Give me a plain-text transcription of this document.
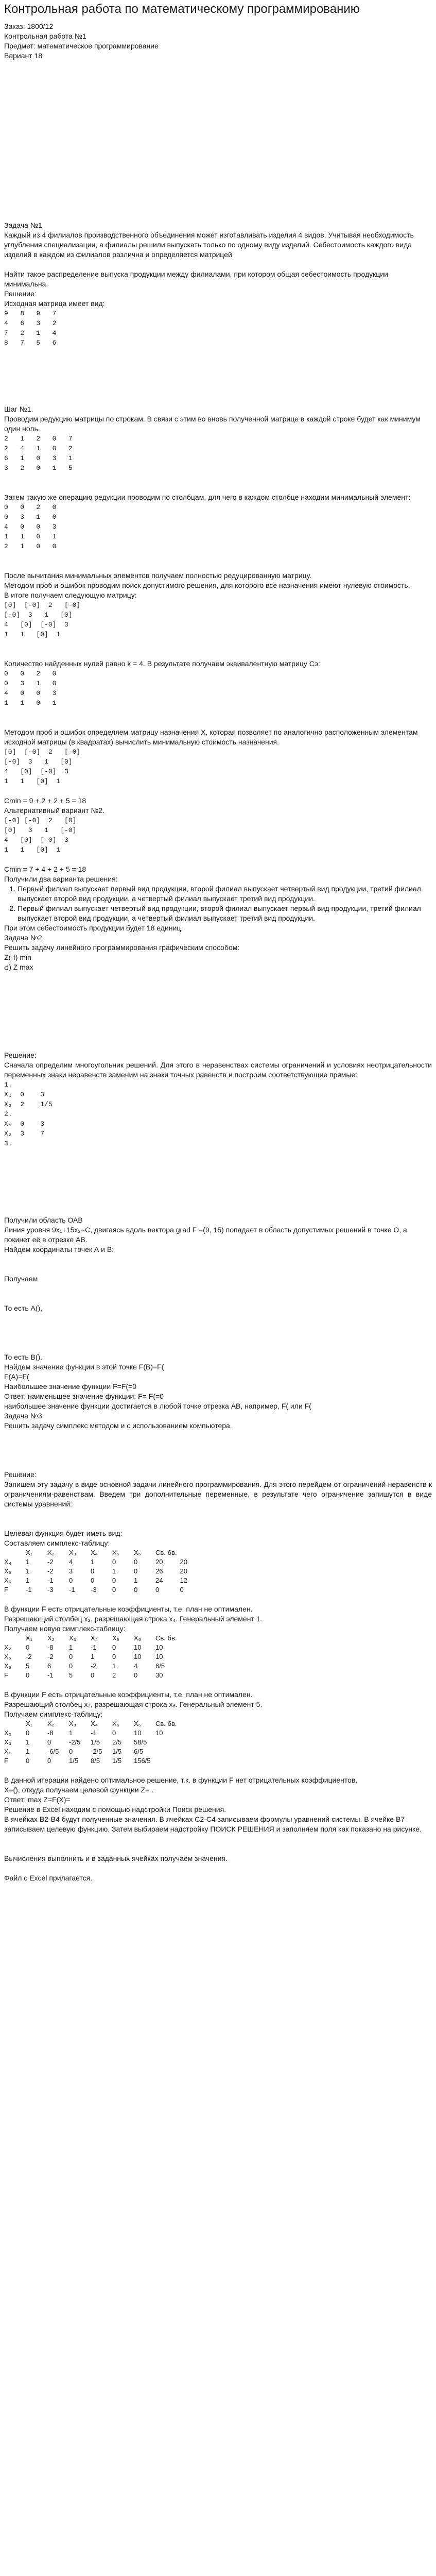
Контрольная работа по математическому программированию

Заказ: 1800/12

Контрольная работа №1

Предмет: математическое программирование

Вариант 18

Задача №1

Каждый из 4 филиалов производственного объединения может изготавливать изделия 4 видов. Учитывая необходимость углубления специализации, а филиалы решили выпускать только по одному виду изделий. Себестоимость каждого вида изделий в каждом из филиалов различна и определяется матрицей

Найти такое распределение выпуска продукции между филиалами, при котором общая себестоимость продукции минимальна.

Решение:

Исходная матрица имеет вид:

9   8   9   7
4   6   3   2
7   2   1   4
8   7   5   6

Шаг №1.

Проводим редукцию матрицы по строкам. В связи с этим во вновь полученной матрице в каждой строке будет как минимум один ноль.

2   1   2   0   7
2   4   1   0   2
6   1   0   3   1
3   2   0   1   5

Затем такую же операцию редукции проводим по столбцам, для чего в каждом столбце находим минимальный элемент:

0   0   2   0
0   3   1   0
4   0   0   3
1   1   0   1
2   1   0   0

После вычитания минимальных элементов получаем полностью редуцированную матрицу.

Методом проб и ошибок проводим поиск допустимого решения, для которого все назначения имеют нулевую стоимость.

В итоге получаем следующую матрицу:

[0]  [-0]  2   [-0]
[-0]  3   1   [0]
4   [0]  [-0]  3
1   1   [0]  1

Количество найденных нулей равно k = 4. В результате получаем эквивалентную матрицу Cэ:

0   0   2   0
0   3   1   0
4   0   0   3
1   1   0   1

Методом проб и ошибок определяем матрицу назначения Х, которая позволяет по аналогично расположенным элементам исходной матрицы (в квадратах) вычислить минимальную стоимость назначения.

[0]  [-0]  2   [-0]
[-0]  3   1   [0]
4   [0]  [-0]  3
1   1   [0]  1

Cmin = 9 + 2 + 2 + 5 = 18

Альтернативный вариант №2.

[-0] [-0]  2   [0]
[0]   3   1   [-0]
4   [0]  [-0]  3
1   1   [0]  1

Cmin = 7 + 4 + 2 + 5 = 18

Получили два варианта решения:

1. Первый филиал выпускает первый вид продукции, второй филиал выпускает четвертый вид продукции, третий филиал выпускает второй вид продукции, а четвертый филиал выпускает третий вид продукции.
2. Первый филиал выпускает четвертый вид продукции, второй филиал выпускает первый вид продукции, третий филиал выпускает второй вид продукции, а четвертый филиал выпускает третий вид продукции.

При этом себестоимость продукции будет 18 единиц.

Задача №2

Решить задачу линейного программирования графическим способом:

Z(-f) min

Ԁ) Z max

Решение:

Сначала определим многоугольник решений. Для этого в неравенствах системы ограничений и условиях неотрицательности переменных знаки неравенств заменим на знаки точных равенств и построим соответствующие прямые:

1.
X₁  0    3
X₂  2    1/5
2.
X₁  0    3
X₂  3    7
3.

Получили область ОАВ

Линия уровня 9x₁+15x₂=C, двигаясь вдоль вектора grad F =(9, 15) попадает в область допустимых решений в точке О, а покинет её в отрезке АВ.

Найдем координаты точек А и В:

Получаем

То есть А(),

То есть В().

Найдем значение функции в этой точке F(B)=F(

F(A)=F(

Наибольшее значение функции F=F(=0

Ответ: наименьшее значение функции: F= F(=0

наибольшее значение функции достигается в любой точке отрезка АВ, например, F( или F(

Задача №3

Решить задачу симплекс методом и с использованием компьютера.

Решение:

Запишем эту задачу в виде основной задачи линейного программирования. Для этого перейдем от ограничений-неравенств к ограничениям-равенствам. Введем три дополнительные переменные, в результате чего ограничение запишутся в виде системы уравнений:

Целевая функция будет иметь вид:

Составляем симплекс-таблицу:

	X₁	X₂	X₃	X₄	X₅	X₆	Св. бв.	
X₄	1	-2	4	1	0	0	20	20
X₅	1	-2	3	0	1	0	26	20
X₆	1	-1	0	0	0	1	24	12
F	-1	-3	-1	-3	0	0	0	0

В функции F есть отрицательные коэффициенты, т.е. план не оптимален.

Разрешающий столбец x₂, разрешающая строка x₄. Генеральный элемент 1.

Получаем новую симплекс-таблицу:

	X₁	X₂	X₃	X₄	X₅	X₆	Св. бв.
X₂	0	-8	1	-1	0	10	10
X₅	-2	-2	0	1	0	10	10
X₆	5	6	0	-2	1	4	6/5
F	0	-1	5	0	2	0	30

В функции F есть отрицательные коэффициенты, т.е. план не оптимален.

Разрешающий столбец x₂, разрешающая строка x₆. Генеральный элемент 5.

Получаем симплекс-таблицу:

	X₁	X₂	X₃	X₄	X₅	X₆	Св. бв.
X₂	0	-8	1	-1	0	10	10
X₃	1	0	-2/5	1/5	2/5	58/5	
X₁	1	-6/5	0	-2/5	1/5	6/5	
F	0	0	1/5	8/5	1/5	156/5	

В данной итерации найдено оптимальное решение, т.к. в функции F нет отрицательных коэффициентов.

X=(), откуда получаем целевой функции Z= .

Ответ: max Z=F(X)=

Решение в Excel находим с помощью надстройки Поиск решения.

В ячейках В2-В4 будут полученные значения. В ячейках С2-С4 записываем формулы уравнений системы. В ячейке В7 записываем целевую функцию. Затем выбираем надстройку ПОИСК РЕШЕНИЯ и заполняем поля как показано на рисунке.

Вычисления выполнить и в заданных ячейках получаем значения.

Файл с Excel прилагается.
